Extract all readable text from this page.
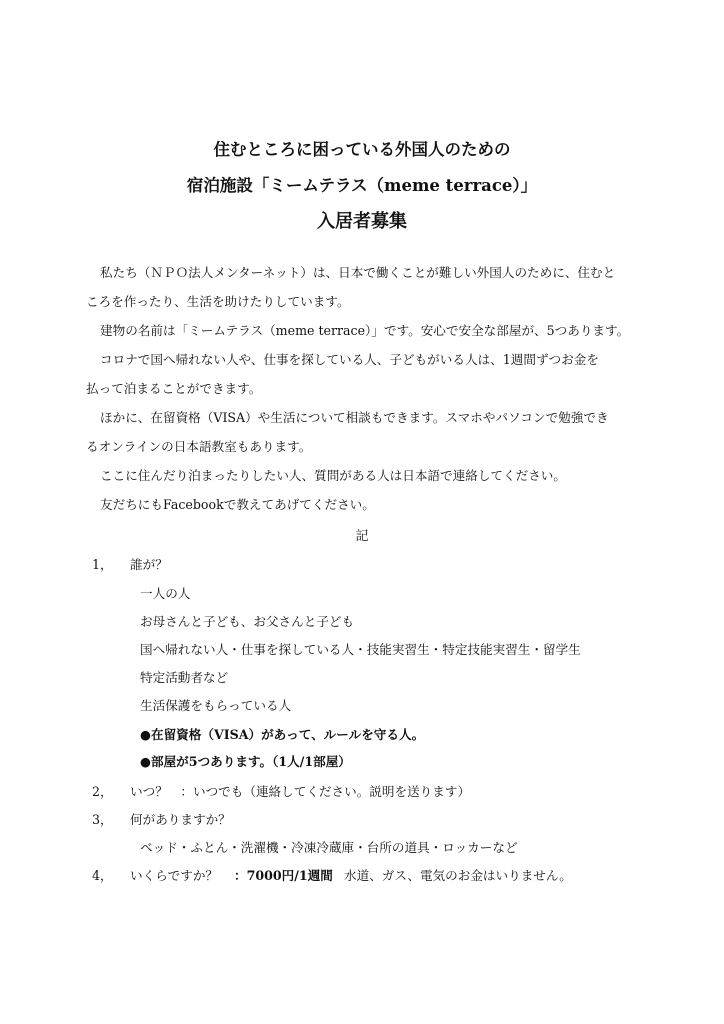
住むところに困っている外国人のための
宿泊施設「ミームテラス（meme terrace）」
入居者募集

私たち（ＮＰＯ法人メンターネット）は、日本で働くことが難しい外国人のために、住むと

ころを作ったり、生活を助けたりしています。

建物の名前は「ミームテラス（meme terrace）」です。安心で安全な部屋が、5つあります。

コロナで国へ帰れない人や、仕事を探している人、子どもがいる人は、1週間ずつお金を

払って泊まることができます。

ほかに、在留資格（VISA）や生活について相談もできます。スマホやパソコンで勉強でき

るオンラインの日本語教室もあります。

ここに住んだり泊まったりしたい人、質問がある人は日本語で連絡してください。

友だちにもFacebookで教えてあげてください。

記
1， 誰が？
一人の人
お母さんと子ども、お父さんと子ども
国へ帰れない人・仕事を探している人・技能実習生・特定技能実習生・留学生
特定活動者など
生活保護をもらっている人
●在留資格（VISA）があって、ルールを守る人。
●部屋が5つあります。（1人/1部屋）
2， いつ？　：いつでも（連絡してください。説明を送ります）
3， 何がありますか？
ベッド・ふとん・洗濯機・冷凍冷蔵庫・台所の道具・ロッカーなど
4， いくらですか？ ：7000円/1週間 水道、ガス、電気のお金はいりません。
